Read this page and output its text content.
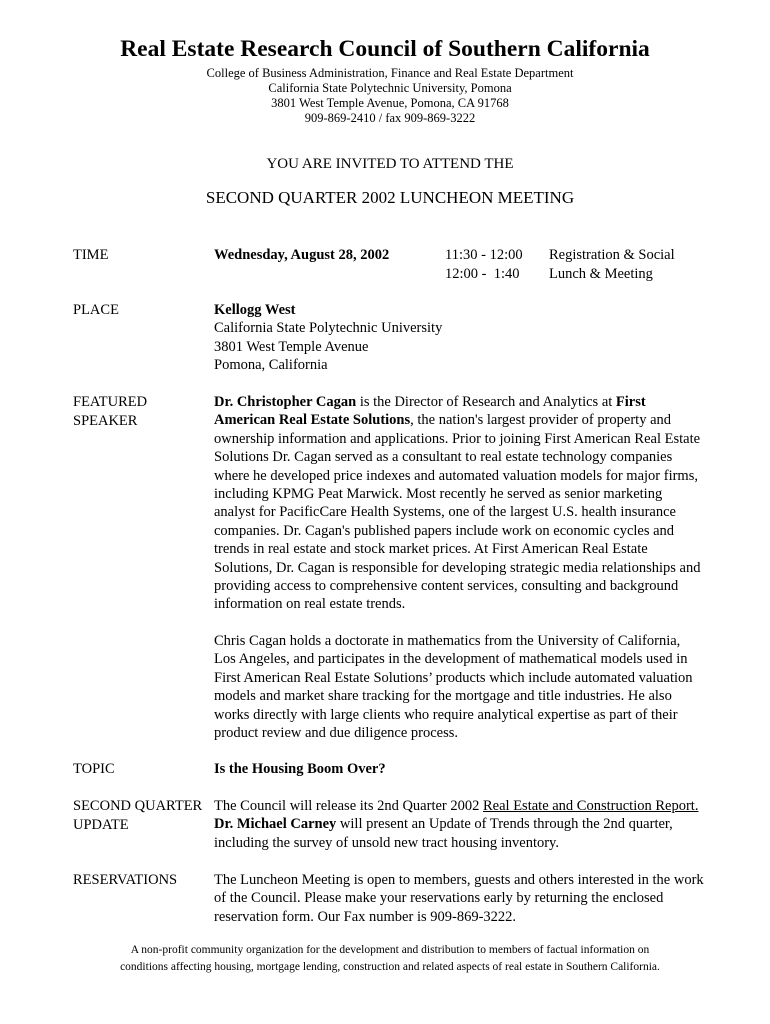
Real Estate Research Council of Southern California
College of Business Administration, Finance and Real Estate Department
California State Polytechnic University, Pomona
3801 West Temple Avenue, Pomona, CA 91768
909-869-2410 / fax 909-869-3222
YOU ARE INVITED TO ATTEND THE
SECOND QUARTER 2002 LUNCHEON MEETING
TIME	Wednesday, August 28, 2002	11:30 - 12:00 Registration & Social
12:00 -  1:40 Lunch & Meeting
PLACE	Kellogg West
California State Polytechnic University
3801 West Temple Avenue
Pomona, California
FEATURED
SPEAKER

Dr. Christopher Cagan is the Director of Research and Analytics at First American Real Estate Solutions, the nation's largest provider of property and ownership information and applications. Prior to joining First American Real Estate Solutions Dr. Cagan served as a consultant to real estate technology companies where he developed price indexes and automated valuation models for major firms, including KPMG Peat Marwick. Most recently he served as senior marketing analyst for PacificCare Health Systems, one of the largest U.S. health insurance companies. Dr. Cagan's published papers include work on economic cycles and trends in real estate and stock market prices. At First American Real Estate Solutions, Dr. Cagan is responsible for developing strategic media relationships and providing access to comprehensive content services, consulting and background information on real estate trends.

Chris Cagan holds a doctorate in mathematics from the University of California, Los Angeles, and participates in the development of mathematical models used in First American Real Estate Solutions’ products which include automated valuation models and market share tracking for the mortgage and title industries. He also works directly with large clients who require analytical expertise as part of their product review and due diligence process.

TOPIC	Is the Housing Boom Over?
SECOND QUARTER
UPDATE

The Council will release its 2nd Quarter 2002 Real Estate and Construction Report. Dr. Michael Carney will present an Update of Trends through the 2nd quarter, including the survey of unsold new tract housing inventory.

RESERVATIONS	The Luncheon Meeting is open to members, guests and others interested in the work of the Council. Please make your reservations early by returning the enclosed reservation form. Our Fax number is 909-869-3222.
A non-profit community organization for the development and distribution to members of factual information on
conditions affecting housing, mortgage lending, construction and related aspects of real estate in Southern California.
